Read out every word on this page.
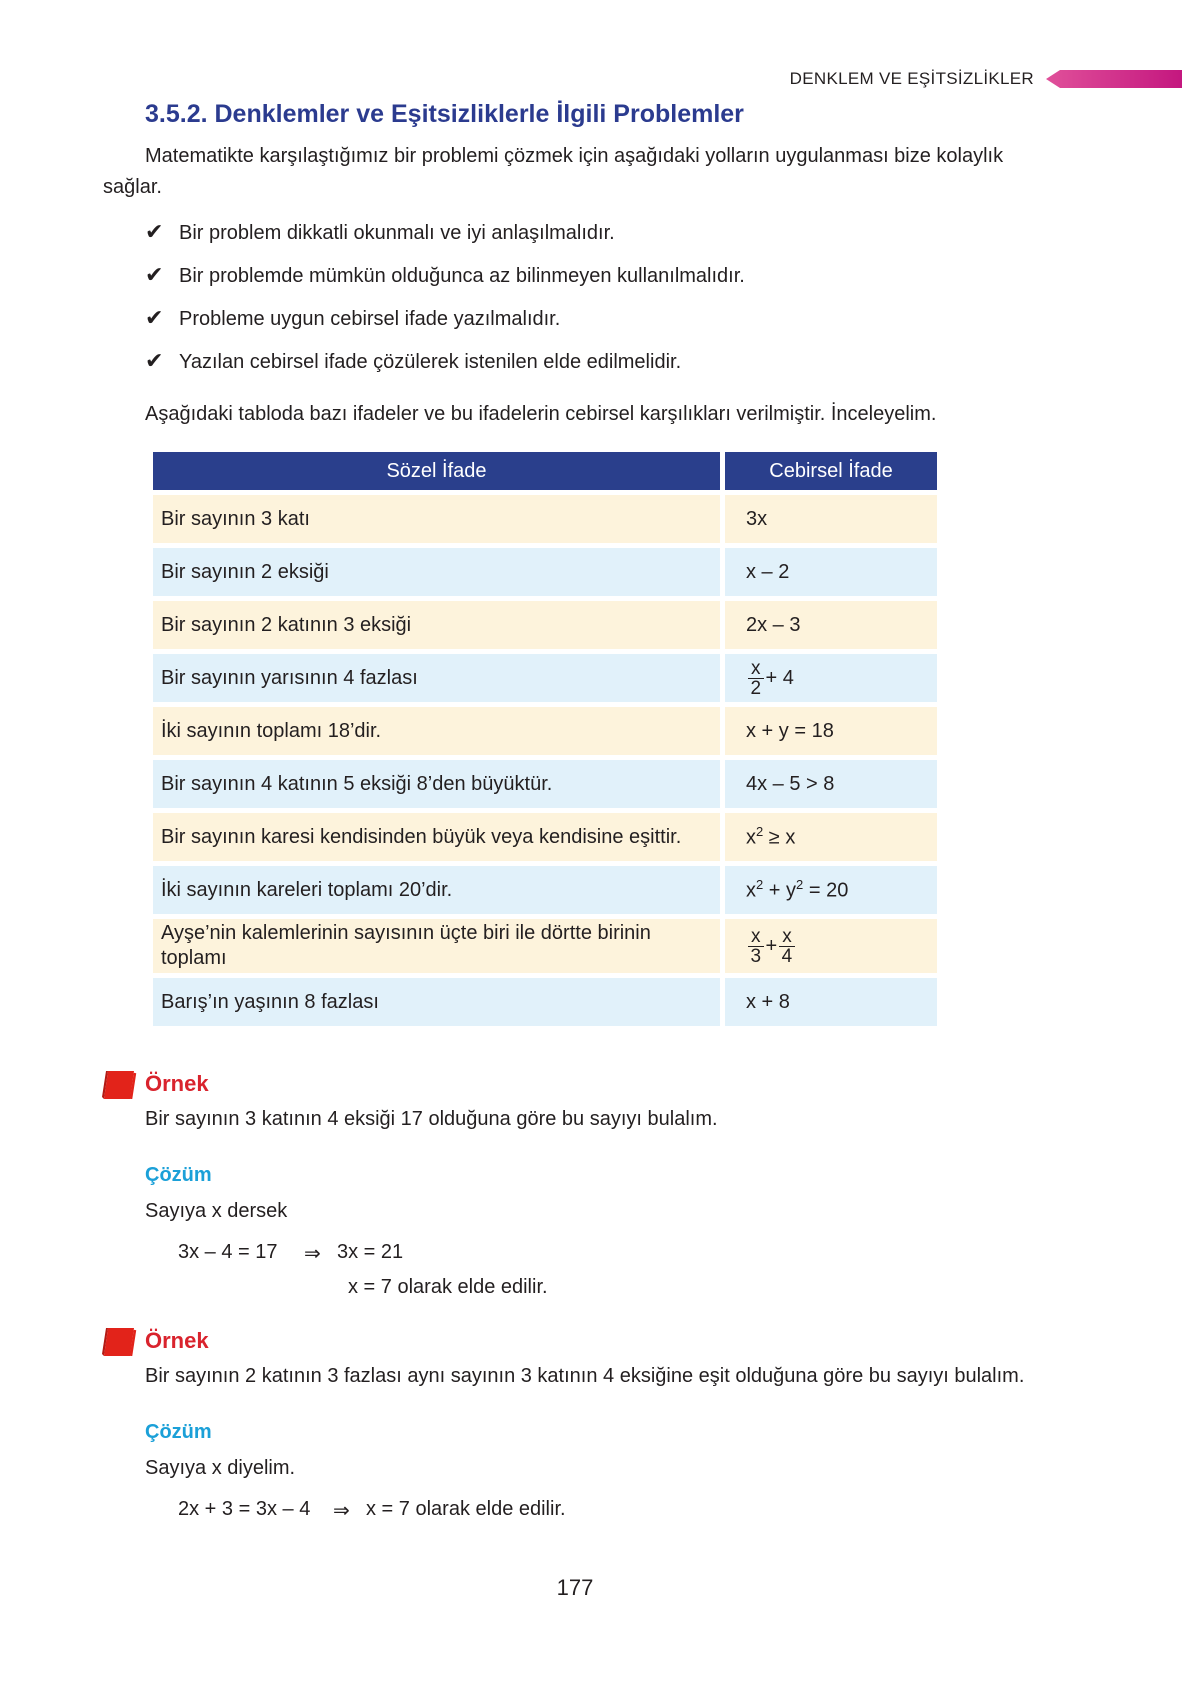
DENKLEM VE EŞİTSİZLİKLER
3.5.2. Denklemler ve Eşitsizliklerle İlgili Problemler
Matematikte karşılaştığımız bir problemi çözmek için aşağıdaki yolların uygulanması bize kolaylık
sağlar.
✔ Bir problem dikkatli okunmalı ve iyi anlaşılmalıdır.
✔ Bir problemde mümkün olduğunca az bilinmeyen kullanılmalıdır.
✔ Probleme uygun cebirsel ifade yazılmalıdır.
✔ Yazılan cebirsel ifade çözülerek istenilen elde edilmelidir.
Aşağıdaki tabloda bazı ifadeler ve bu ifadelerin cebirsel karşılıkları verilmiştir. İnceleyelim.
Sözel İfade	Cebirsel İfade
Bir sayının 3 katı	3x
Bir sayının 2 eksiği	x – 2
Bir sayının 2 katının 3 eksiği	2x – 3
Bir sayının yarısının 4 fazlası	$\frac{x}{2} + 4$
İki sayının toplamı 18’dir.	x + y = 18
Bir sayının 4 katının 5 eksiği 8’den büyüktür.	4x – 5 > 8
Bir sayının karesi kendisinden büyük veya kendisine eşittir.	$x^2 \ge x$
İki sayının kareleri toplamı 20’dir.	$x^2 + y^2 = 20$
Ayşe’nin kalemlerinin sayısının üçte biri ile dörtte birinin
toplamı	$\frac{x}{3} + \frac{x}{4}$

Barış’ın yaşının 8 fazlası	x + 8
Örnek
Bir sayının 3 katının 4 eksiği 17 olduğuna göre bu sayıyı bulalım.
Çözüm
Sayıya x dersek
3x – 4 = 17 ⇒ 3x = 21
x = 7 olarak elde edilir.
Örnek
Bir sayının 2 katının 3 fazlası aynı sayının 3 katının 4 eksiğine eşit olduğuna göre bu sayıyı bulalım.
Çözüm
Sayıya x diyelim.
2x + 3 = 3x – 4 ⇒ x = 7 olarak elde edilir.
177
